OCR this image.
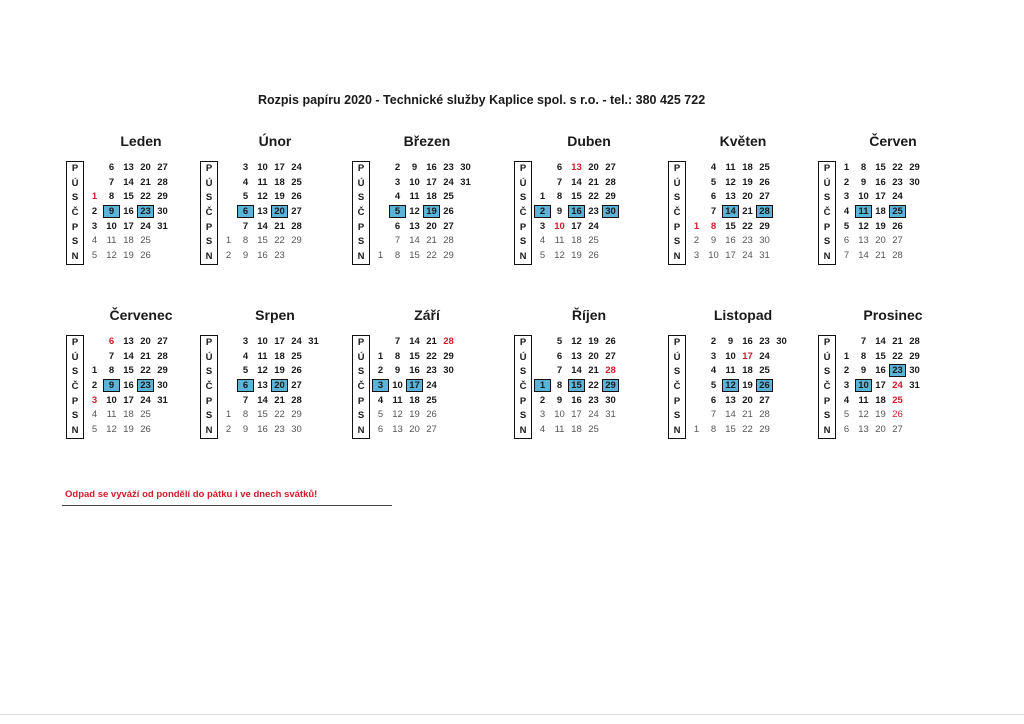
Rozpis papíru 2020 - Technické služby Kaplice spol. s r.o. - tel.: 380 425 722
Leden
P
Ú
S
Č
P
S
N
6 13 20 27
7 14 21 28
1 8 15 22 29
2 9 16 23 30
3 10 17 24 31
4 11 18 25
5 12 19 26
Únor
P
Ú
S
Č
P
S
N
3 10 17 24
4 11 18 25
5 12 19 26
6 13 20 27
7 14 21 28
1 8 15 22 29
2 9 16 23
Březen
P
Ú
S
Č
P
S
N
2 9 16 23 30
3 10 17 24 31
4 11 18 25
5 12 19 26
6 13 20 27
7 14 21 28
1 8 15 22 29
Duben
P
Ú
S
Č
P
S
N
6 13 20 27
7 14 21 28
1 8 15 22 29
2 9 16 23 30
3 10 17 24
4 11 18 25
5 12 19 26
Květen
P
Ú
S
Č
P
S
N
4 11 18 25
5 12 19 26
6 13 20 27
7 14 21 28
1 8 15 22 29
2 9 16 23 30
3 10 17 24 31
Červen
P
Ú
S
Č
P
S
N
1 8 15 22 29
2 9 16 23 30
3 10 17 24
4 11 18 25
5 12 19 26
6 13 20 27
7 14 21 28
Červenec
P
Ú
S
Č
P
S
N
6 13 20 27
7 14 21 28
1 8 15 22 29
2 9 16 23 30
3 10 17 24 31
4 11 18 25
5 12 19 26
Srpen
P
Ú
S
Č
P
S
N
3 10 17 24 31
4 11 18 25
5 12 19 26
6 13 20 27
7 14 21 28
1 8 15 22 29
2 9 16 23 30
Září
P
Ú
S
Č
P
S
N
7 14 21 28
1 8 15 22 29
2 9 16 23 30
3 10 17 24
4 11 18 25
5 12 19 26
6 13 20 27
Říjen
P
Ú
S
Č
P
S
N
5 12 19 26
6 13 20 27
7 14 21 28
1 8 15 22 29
2 9 16 23 30
3 10 17 24 31
4 11 18 25
Listopad
P
Ú
S
Č
P
S
N
2 9 16 23 30
3 10 17 24
4 11 18 25
5 12 19 26
6 13 20 27
7 14 21 28
1 8 15 22 29
Prosinec
P
Ú
S
Č
P
S
N
7 14 21 28
1 8 15 22 29
2 9 16 23 30
3 10 17 24 31
4 11 18 25
5 12 19 26
6 13 20 27
Odpad se vyváží od pondělí do pátku i ve dnech svátků!
